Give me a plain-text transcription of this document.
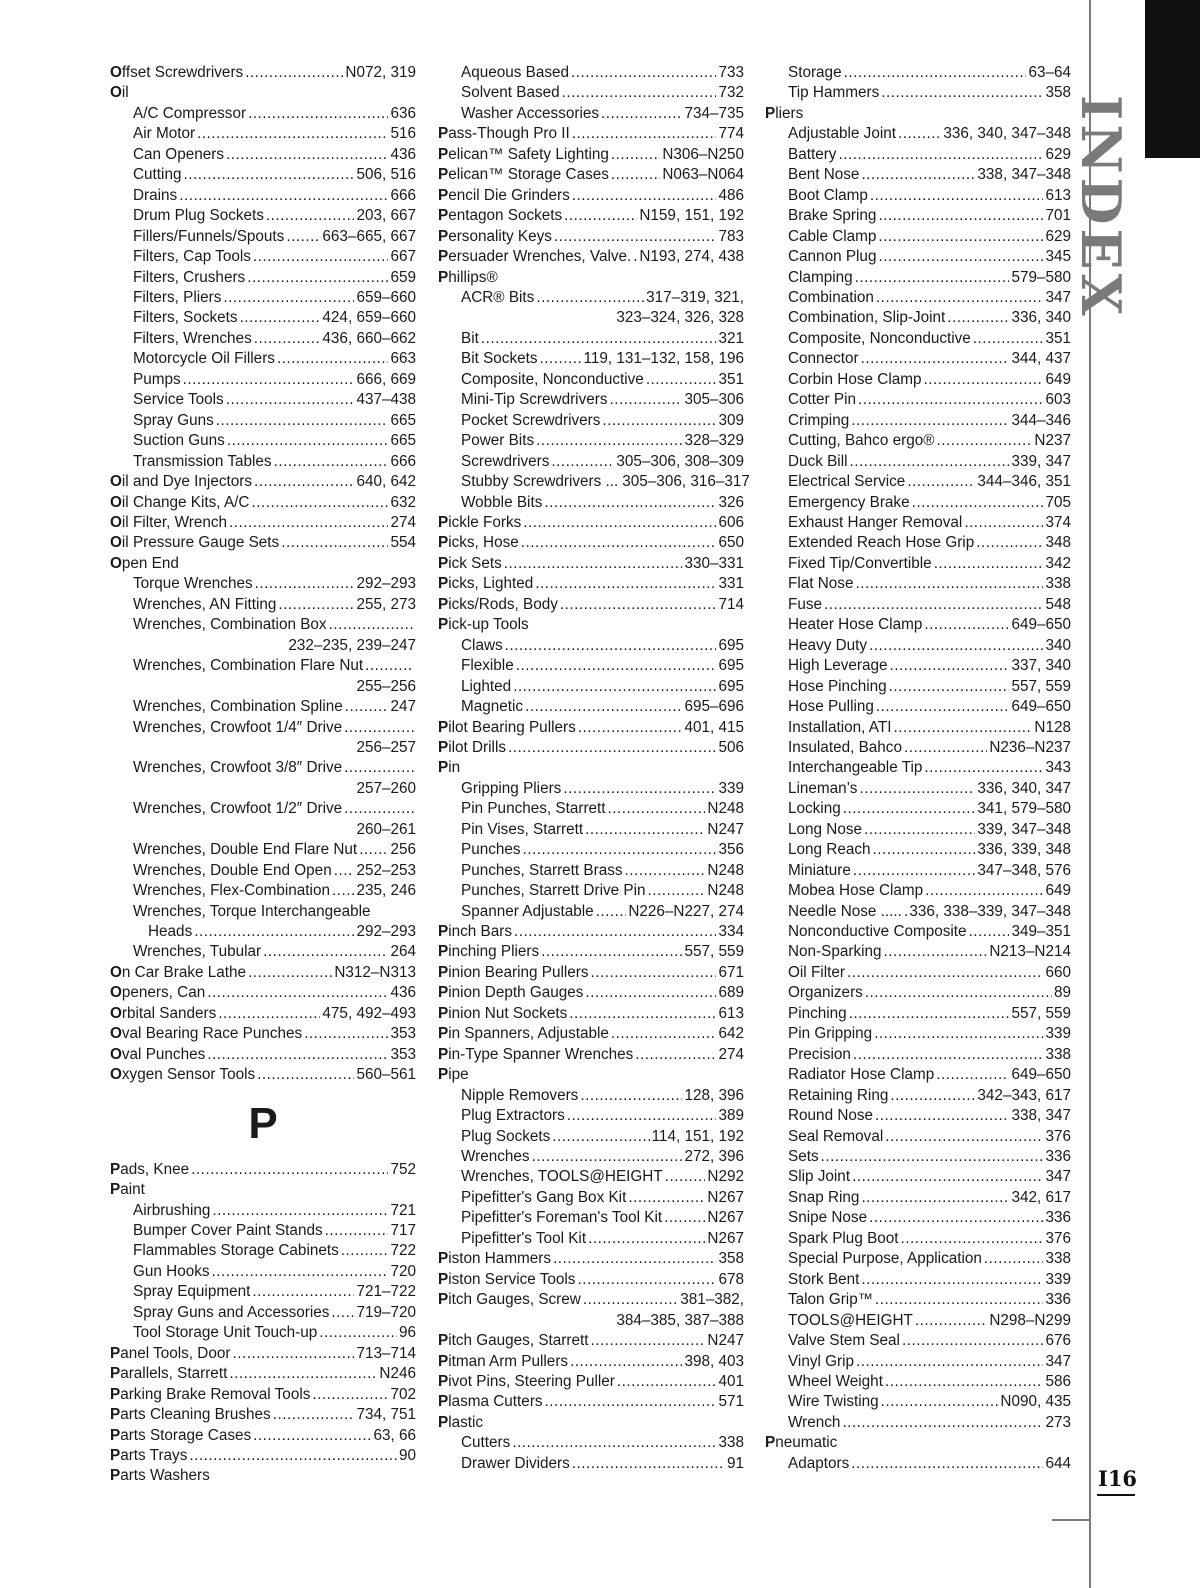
Offset Screwdrivers .....	N072, 319
Oil
A/C Compressor .....	636
Air Motor .....	516
Can Openers .....	436
Cutting .....	506, 516
Drains .....	666
Drum Plug Sockets .....	203, 667
Fillers/Funnels/Spouts ..... 663–665, 667
Filters, Cap Tools .....	667
Filters, Crushers .....	659
Filters, Pliers .....	659–660
Filters, Sockets .....	424, 659–660
Filters, Wrenches .....	436, 660–662
Motorcycle Oil Fillers .....	663
Pumps .....	666, 669
Service Tools .....	437–438
Spray Guns .....	665
Suction Guns .....	665
Transmission Tables .....	666
Oil and Dye Injectors .....	640, 642
Oil Change Kits, A/C .....	632
Oil Filter, Wrench .....	274
Oil Pressure Gauge Sets .....	554
Open End
Torque Wrenches .....	292–293
Wrenches, AN Fitting .....	255, 273
Wrenches, Combination Box
.....
232–235, 239–247
Wrenches, Combination Flare Nut
.....
255–256
Wrenches, Combination Spline .....	247
Wrenches, Crowfoot 1/4″ Drive
.....
256–257
Wrenches, Crowfoot 3/8″ Drive
.....
257–260
Wrenches, Crowfoot 1/2″ Drive
.....
260–261
Wrenches, Double End Flare Nut ..... 256
Wrenches, Double End Open ..... 252–253
Wrenches, Flex-Combination ..... 235, 246
Wrenches, Torque Interchangeable
Heads .....	292–293
Wrenches, Tubular .....	264
On Car Brake Lathe .....	N312–N313
Openers, Can .....	436
Orbital Sanders .....	475, 492–493
Oval Bearing Race Punches .....	353
Oval Punches .....	353
Oxygen Sensor Tools .....	560–561
P
Pads, Knee .....	752
Paint
Airbrushing .....	721
Bumper Cover Paint Stands .....	717
Flammables Storage Cabinets .....	722
Gun Hooks .....	720
Spray Equipment .....	721–722
Spray Guns and Accessories ..... 719–720
Tool Storage Unit Touch-up .....	96
Panel Tools, Door .....	713–714
Parallels, Starrett .....	N246
Parking Brake Removal Tools .....	702
Parts Cleaning Brushes .....	734, 751
Parts Storage Cases .....	63, 66
Parts Trays .....	90
Parts Washers
Aqueous Based .....	733
Solvent Based .....	732
Washer Accessories .....	734–735
Pass-Though Pro II .....	774
Pelican™ Safety Lighting .....	N306–N250
Pelican™ Storage Cases .....	N063–N064
Pencil Die Grinders .....	486
Pentagon Sockets .....	N159, 151, 192
Personality Keys .....	783
Persuader Wrenches, Valve. ..... N193, 274, 438
Phillips®
ACR® Bits .....	317–319, 321,
323–324, 326, 328
Bit .....	321
Bit Sockets .....	119, 131–132, 158, 196
Composite, Nonconductive .....	351
Mini-Tip Screwdrivers .....	305–306
Pocket Screwdrivers .....	309
Power Bits .....	328–329
Screwdrivers .....	305–306, 308–309
Stubby Screwdrivers ... 305–306, 316–317
Wobble Bits .....	326
Pickle Forks .....	606
Picks, Hose .....	650
Pick Sets .....	330–331
Picks, Lighted .....	331
Picks/Rods, Body .....	714
Pick-up Tools
Claws .....	695
Flexible .....	695
Lighted .....	695
Magnetic .....	695–696
Pilot Bearing Pullers .....	401, 415
Pilot Drills .....	506
Pin
Gripping Pliers .....	339
Pin Punches, Starrett .....	N248
Pin Vises, Starrett .....	N247
Punches .....	356
Punches, Starrett Brass .....	N248
Punches, Starrett Drive Pin .....	N248
Spanner Adjustable ..... N226–N227, 274
Pinch Bars .....	334
Pinching Pliers .....	557, 559
Pinion Bearing Pullers .....	671
Pinion Depth Gauges .....	689
Pinion Nut Sockets .....	613
Pin Spanners, Adjustable .....	642
Pin-Type Spanner Wrenches .....	274
Pipe
Nipple Removers .....	128, 396
Plug Extractors .....	389
Plug Sockets .....	114, 151, 192
Wrenches .....	272, 396
Wrenches, TOOLS@HEIGHT .....	N292
Pipefitter's Gang Box Kit .....	N267
Pipefitter's Foreman's Tool Kit .....	N267
Pipefitter's Tool Kit .....	N267
Piston Hammers .....	358
Piston Service Tools .....	678
Pitch Gauges, Screw .....	381–382,
384–385, 387–388
Pitch Gauges, Starrett .....	N247
Pitman Arm Pullers .....	398, 403
Pivot Pins, Steering Puller .....	401
Plasma Cutters .....	571
Plastic
Cutters .....	338
Drawer Dividers .....	91
Storage .....	63–64
Tip Hammers .....	358
Pliers
Adjustable Joint .....	336, 340, 347–348
Battery .....	629
Bent Nose .....	338, 347–348
Boot Clamp .....	613
Brake Spring .....	701
Cable Clamp .....	629
Cannon Plug .....	345
Clamping .....	579–580
Combination .....	347
Combination, Slip-Joint .....	336, 340
Composite, Nonconductive .....	351
Connector .....	344, 437
Corbin Hose Clamp .....	649
Cotter Pin .....	603
Crimping .....	344–346
Cutting, Bahco ergo® .....	N237
Duck Bill .....	339, 347
Electrical Service .....	344–346, 351
Emergency Brake .....	705
Exhaust Hanger Removal .....	374
Extended Reach Hose Grip .....	348
Fixed Tip/Convertible .....	342
Flat Nose .....	338
Fuse .....	548
Heater Hose Clamp .....	649–650
Heavy Duty .....	340
High Leverage .....	337, 340
Hose Pinching .....	557, 559
Hose Pulling .....	649–650
Installation, ATI .....	N128
Insulated, Bahco .....	N236–N237
Interchangeable Tip .....	343
Lineman’s .....	336, 340, 347
Locking .....	341, 579–580
Long Nose .....	339, 347–348
Long Reach .....	336, 339, 348
Miniature .....	347–348, 576
Mobea Hose Clamp .....	649
Needle Nose ..... ..... 336, 338–339, 347–348
Nonconductive Composite .....	349–351
Non-Sparking .....	N213–N214
Oil Filter .....	660
Organizers .....	89
Pinching .....	557, 559
Pin Gripping .....	339
Precision .....	338
Radiator Hose Clamp .....	649–650
Retaining Ring .....	342–343, 617
Round Nose .....	338, 347
Seal Removal .....	376
Sets .....	336
Slip Joint .....	347
Snap Ring .....	342, 617
Snipe Nose .....	336
Spark Plug Boot .....	376
Special Purpose, Application .....	338
Stork Bent .....	339
Talon Grip™ .....	336
TOOLS@HEIGHT .....	N298–N299
Valve Stem Seal .....	676
Vinyl Grip .....	347
Wheel Weight .....	586
Wire Twisting .....	N090, 435
Wrench .....	273
Pneumatic
Adaptors .....	644
INDEX
I16
